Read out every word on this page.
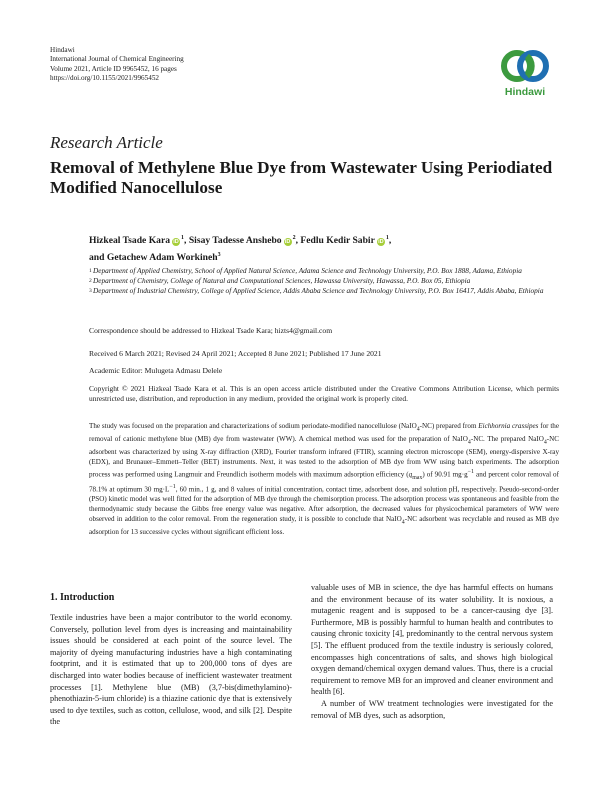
Hindawi
International Journal of Chemical Engineering
Volume 2021, Article ID 9965452, 16 pages
https://doi.org/10.1155/2021/9965452
Hindawi
Research Article
Removal of Methylene Blue Dye from Wastewater Using Periodiated Modified Nanocellulose
Hizkeal Tsade Kara $iD^1$, Sisay Tadesse Anshebo $iD^2$, Fedlu Kedir Sabir $iD^1$,
and Getachew Adam Workineh$^3$
1 Department of Applied Chemistry, School of Applied Natural Science, Adama Science and Technology University, P.O. Box 1888, Adama, Ethiopia
2 Department of Chemistry, College of Natural and Computational Sciences, Hawassa University, Hawassa, P.O. Box 05, Ethiopia
3 Department of Industrial Chemistry, College of Applied Science, Addis Ababa Science and Technology University, P.O. Box 16417, Addis Ababa, Ethiopia
Correspondence should be addressed to Hizkeal Tsade Kara; hizts4@gmail.com
Received 6 March 2021; Revised 24 April 2021; Accepted 8 June 2021; Published 17 June 2021
Academic Editor: Mulugeta Admasu Delele
Copyright © 2021 Hizkeal Tsade Kara et al. This is an open access article distributed under the Creative Commons Attribution License, which permits unrestricted use, distribution, and reproduction in any medium, provided the original work is properly cited.
The study was focused on the preparation and characterizations of sodium periodate-modified nanocellulose (NaIO$_4$-NC) prepared from Eichhornia crassipes for the removal of cationic methylene blue (MB) dye from wastewater (WW). A chemical method was used for the preparation of NaIO$_4$-NC. The prepared NaIO$_4$-NC adsorbent was characterized by using X-ray diffraction (XRD), Fourier transform infrared (FTIR), scanning electron microscope (SEM), energy-dispersive X-ray (EDX), and Brunauer–Emmett–Teller (BET) instruments. Next, it was tested to the adsorption of MB dye from WW using batch experiments. The adsorption process was performed using Langmuir and Freundlich isotherm models with maximum adsorption efficiency $(q_{max})$ of 90.91 $mg\cdot g^{-1}$ and percent color removal of 78.1% at optimum 30 $mg\cdot L^{-1}$, 60 min., 1 g, and 8 values of initial concentration, contact time, adsorbent dose, and solution pH, respectively. Pseudo-second-order (PSO) kinetic model was well fitted for the adsorption of MB dye through the chemisorption process. The adsorption process was spontaneous and feasible from the thermodynamic study because the Gibbs free energy value was negative. After adsorption, the decreased values for physicochemical parameters of WW were observed in addition to the color removal. From the regeneration study, it is possible to conclude that NaIO$_4$-NC adsorbent was recyclable and reused as MB dye adsorption for 13 successive cycles without significant efficient loss.
1. Introduction
Textile industries have been a major contributor to the world economy. Conversely, pollution level from dyes is increasing and maintainability issues should be considered at each point of the source level. The majority of dyeing manufacturing industries have a high contaminating footprint, and it is estimated that up to 200,000 tons of dyes are discharged into water bodies because of inefficient wastewater treatment processes [1]. Methylene blue (MB) (3,7-bis(dimethylamino)-phenothiazin-5-ium chloride) is a thiazine cationic dye that is extensively used to dye textiles, such as cotton, cellulose, wood, and silk [2]. Despite the
valuable uses of MB in science, the dye has harmful effects on humans and the environment because of its water solubility. It is noxious, a mutagenic reagent and is supposed to be a cancer-causing dye [3]. Furthermore, MB is possibly harmful to human health and contributes to causing chronic toxicity [4], predominantly to the central nervous system [5]. The effluent produced from the textile industry is seriously colored, encompasses high concentrations of salts, and shows high biological oxygen demand/chemical oxygen demand values. Thus, there is a crucial requirement to remove MB for an improved and cleaner environment and health [6].
A number of WW treatment technologies were investigated for the removal of MB dyes, such as adsorption,
